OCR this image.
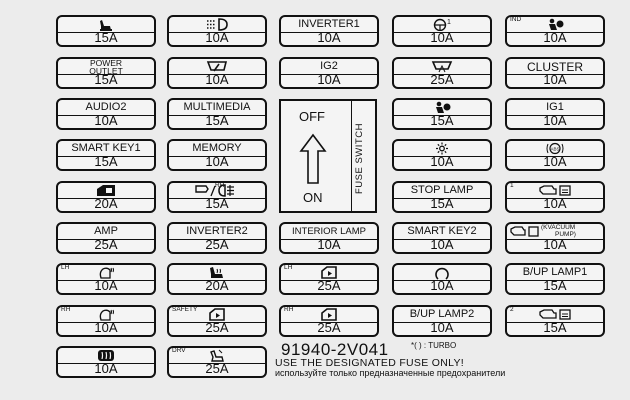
15A
POWER
OUTLET
15A
AUDIO2
10A
SMART KEY1
15A
20A
AMP
25A
LH
10A
RH
10A
10A
10A
10A
MULTIMEDIA
15A
MEMORY
10A
RR
15A
INVERTER2
25A
20A
SAFETY
25A
DRV
25A
INVERTER1
10A
IG2
10A
OFF
ON
FUSE SWITCH
INTERIOR LAMP
10A
LH
25A
RH
25A
1
10A
25A
15A
10A
STOP LAMP
15A
SMART KEY2
10A
10A
B/UP LAMP2
10A
IND
10A
CLUSTER
10A
IG1
10A
ABS
10A
1
10A
(KVACUUM
PUMP)
10A
B/UP LAMP1
15A
2
15A
91940-2V041	*( ) : TURBO
USE THE DESIGNATED FUSE ONLY!
используйте только предназначенные предохранители
